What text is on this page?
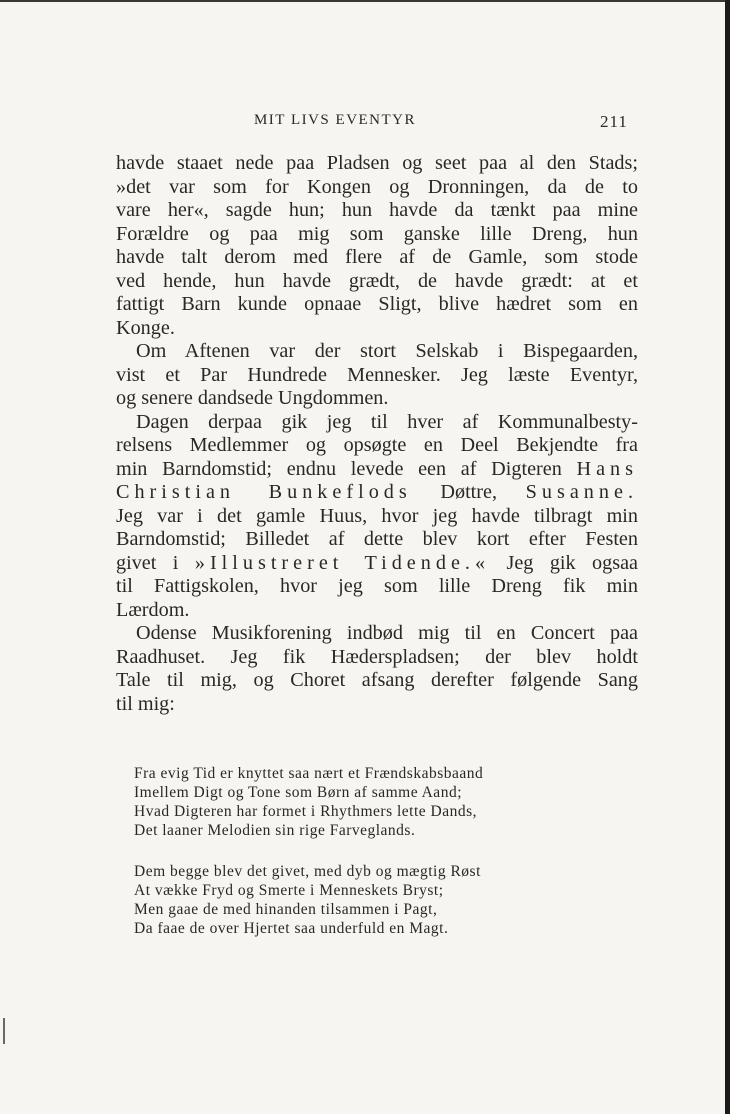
MIT LIVS EVENTYR	211
havde staaet nede paa Pladsen og seet paa al den Stads;
»det var som for Kongen og Dronningen, da de to
vare her«, sagde hun; hun havde da tænkt paa mine
Forældre og paa mig som ganske lille Dreng, hun
havde talt derom med flere af de Gamle, som stode
ved hende, hun havde grædt, de havde grædt: at et
fattigt Barn kunde opnaae Sligt, blive hædret som en
Konge.
Om Aftenen var der stort Selskab i Bispegaarden,
vist et Par Hundrede Mennesker. Jeg læste Eventyr,
og senere dandsede Ungdommen.
Dagen derpaa gik jeg til hver af Kommunalbesty-
relsens Medlemmer og opsøgte en Deel Bekjendte fra
min Barndomstid; endnu levede een af Digteren Hans
Christian Bunkeflods Døttre, Susanne.
Jeg var i det gamle Huus, hvor jeg havde tilbragt min
Barndomstid; Billedet af dette blev kort efter Festen
givet i »Illustreret Tidende.« Jeg gik ogsaa
til Fattigskolen, hvor jeg som lille Dreng fik min
Lærdom.
Odense Musikforening indbød mig til en Concert paa
Raadhuset. Jeg fik Hæderspladsen; der blev holdt
Tale til mig, og Choret afsang derefter følgende Sang
til mig:
Fra evig Tid er knyttet saa nært et Frændskabsbaand
Imellem Digt og Tone som Børn af samme Aand;
Hvad Digteren har formet i Rhythmers lette Dands,
Det laaner Melodien sin rige Farveglands.
Dem begge blev det givet, med dyb og mægtig Røst
At vække Fryd og Smerte i Menneskets Bryst;
Men gaae de med hinanden tilsammen i Pagt,
Da faae de over Hjertet saa underfuld en Magt.
